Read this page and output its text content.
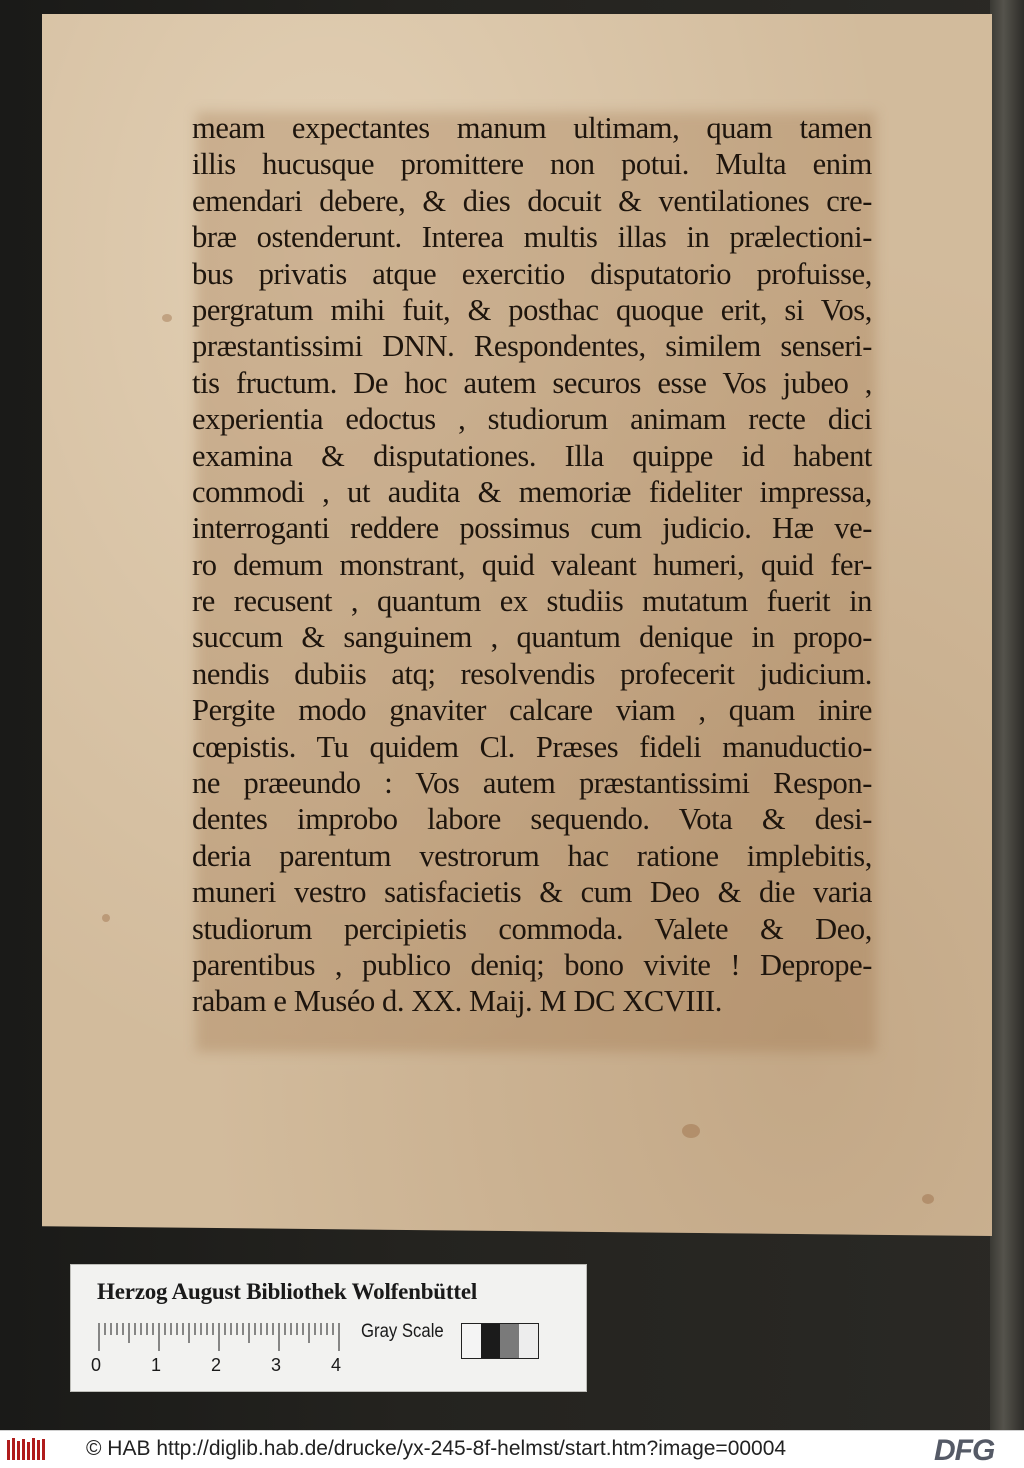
meam expectantes manum ultimam, quam tamen
illis hucusque promittere non potui. Multa enim
emendari debere, & dies docuit & ventilationes cre-
bræ ostenderunt. Interea multis illas in prælectioni-
bus privatis atque exercitio disputatorio profuisse,
pergratum mihi fuit, & posthac quoque erit, si Vos,
præstantissimi DNN. Respondentes, similem senseri-
tis fructum. De hoc autem securos esse Vos jubeo ,
experientia edoctus , studiorum animam recte dici
examina & disputationes. Illa quippe id habent
commodi , ut audita & memoriæ fideliter impressa,
interroganti reddere possimus cum judicio. Hæ ve-
ro demum monstrant, quid valeant humeri, quid fer-
re recusent , quantum ex studiis mutatum fuerit in
succum & sanguinem , quantum denique in propo-
nendis dubiis atq; resolvendis profecerit judicium.
Pergite modo gnaviter calcare viam , quam inire
cœpistis. Tu quidem Cl. Præses fideli manuductio-
ne præeundo : Vos autem præstantissimi Respon-
dentes improbo labore sequendo. Vota & desi-
deria parentum vestrorum hac ratione implebitis,
muneri vestro satisfacietis & cum Deo & die varia
studiorum percipietis commoda. Valete & Deo,
parentibus , publico deniq; bono vivite ! Deprope-
rabam e Muséo d. XX. Maij. M DC XCVIII.
Herzog August Bibliothek Wolfenbüttel
0	1	2	3	4
Gray Scale
© HAB http://diglib.hab.de/drucke/yx-245-8f-helmst/start.htm?image=00004	DFG
